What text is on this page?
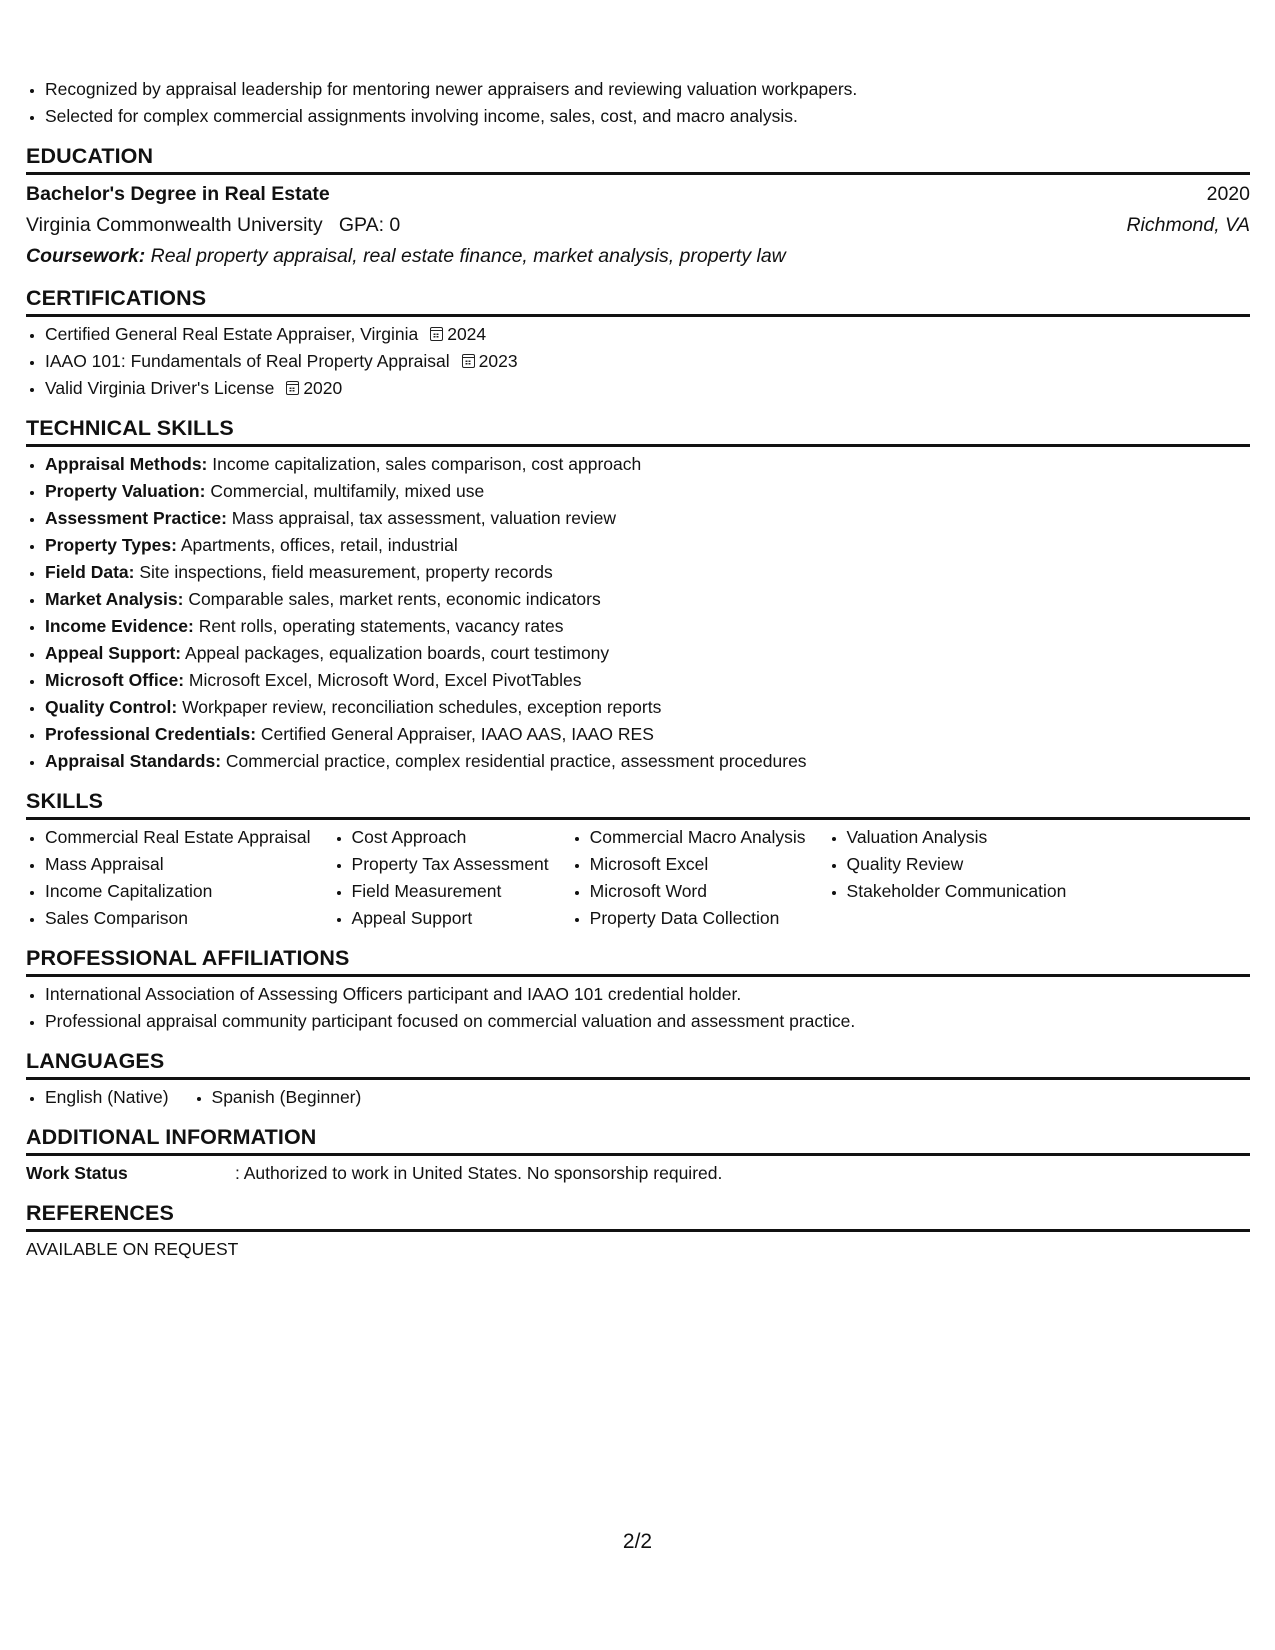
• Recognized by appraisal leadership for mentoring newer appraisers and reviewing valuation workpapers.
• Selected for complex commercial assignments involving income, sales, cost, and macro analysis.
EDUCATION
Bachelor's Degree in Real Estate	2020
Virginia Commonwealth University GPA: 0	Richmond, VA
Coursework: Real property appraisal, real estate finance, market analysis, property law
CERTIFICATIONS
• Certified General Real Estate Appraiser, Virginia 2024
• IAAO 101: Fundamentals of Real Property Appraisal 2023
• Valid Virginia Driver's License 2020
TECHNICAL SKILLS
• Appraisal Methods: Income capitalization, sales comparison, cost approach
• Property Valuation: Commercial, multifamily, mixed use
• Assessment Practice: Mass appraisal, tax assessment, valuation review
• Property Types: Apartments, offices, retail, industrial
• Field Data: Site inspections, field measurement, property records
• Market Analysis: Comparable sales, market rents, economic indicators
• Income Evidence: Rent rolls, operating statements, vacancy rates
• Appeal Support: Appeal packages, equalization boards, court testimony
• Microsoft Office: Microsoft Excel, Microsoft Word, Excel PivotTables
• Quality Control: Workpaper review, reconciliation schedules, exception reports
• Professional Credentials: Certified General Appraiser, IAAO AAS, IAAO RES
• Appraisal Standards: Commercial practice, complex residential practice, assessment procedures
SKILLS
• Commercial Real Estate Appraisal
• Mass Appraisal
• Income Capitalization
• Sales Comparison
• Cost Approach
• Property Tax Assessment
• Field Measurement
• Appeal Support
• Commercial Macro Analysis
• Microsoft Excel
• Microsoft Word
• Property Data Collection
• Valuation Analysis
• Quality Review
• Stakeholder Communication
PROFESSIONAL AFFILIATIONS
• International Association of Assessing Officers participant and IAAO 101 credential holder.
• Professional appraisal community participant focused on commercial valuation and assessment practice.
LANGUAGES
• English (Native)
• Spanish (Beginner)
ADDITIONAL INFORMATION
Work Status	: Authorized to work in United States. No sponsorship required.
REFERENCES
AVAILABLE ON REQUEST
2/2
